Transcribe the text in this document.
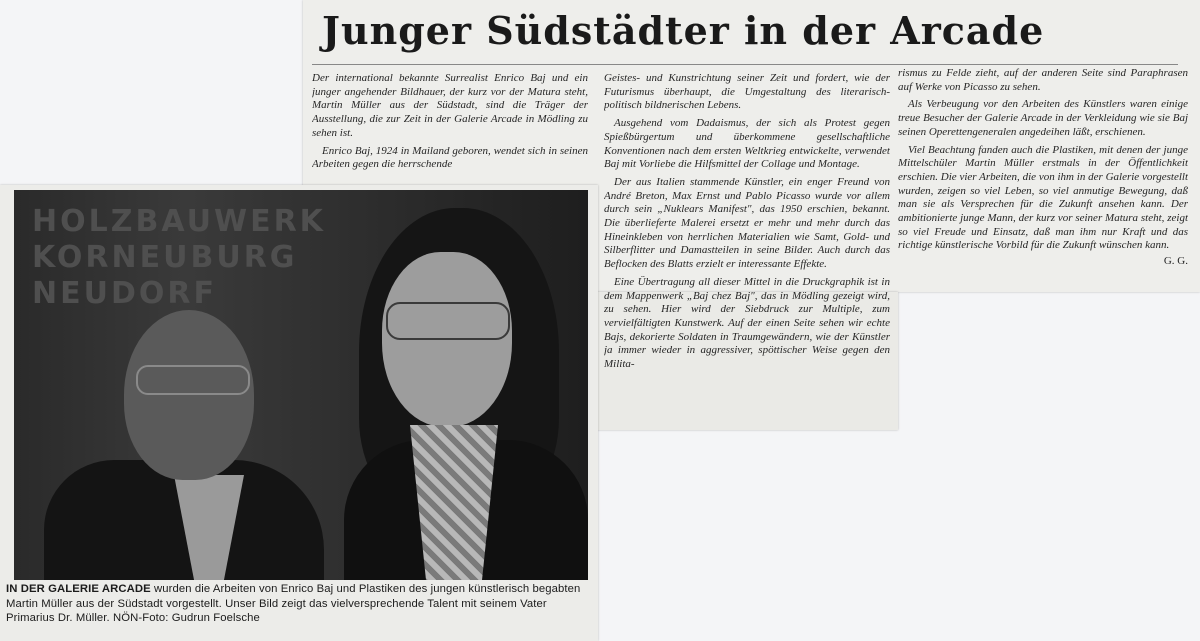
Junger Südstädter in der Arcade

Der international bekannte Surrealist Enrico Baj und ein junger angehender Bildhauer, der kurz vor der Matura steht, Martin Müller aus der Südstadt, sind die Träger der Ausstellung, die zur Zeit in der Galerie Arcade in Mödling zu sehen ist.

Enrico Baj, 1924 in Mailand geboren, wendet sich in seinen Arbeiten gegen die herrschende

Geistes- und Kunstrichtung seiner Zeit und fordert, wie der Futurismus überhaupt, die Umgestaltung des literarisch-politisch bildnerischen Lebens.

Ausgehend vom Dadaismus, der sich als Protest gegen Spießbürgertum und überkommene gesellschaftliche Konventionen nach dem ersten Weltkrieg entwickelte, verwendet Baj mit Vorliebe die Hilfsmittel der Collage und Montage.

Der aus Italien stammende Künstler, ein enger Freund von André Breton, Max Ernst und Pablo Picasso wurde vor allem durch sein „Nuklears Manifest", das 1950 erschien, bekannt. Die überlieferte Malerei ersetzt er mehr und mehr durch das Hineinkleben von herrlichen Materialien wie Samt, Gold- und Silberflitter und Damastteilen in seine Bilder. Auch durch das Beflocken des Blatts erzielt er interessante Effekte.

Eine Übertragung all dieser Mittel in die Druckgraphik ist in dem Mappenwerk „Baj chez Baj", das in Mödling gezeigt wird, zu sehen. Hier wird der Siebdruck zur Multiple, zum vervielfältigten Kunstwerk. Auf der einen Seite sehen wir echte Bajs, dekorierte Soldaten in Traumgewändern, wie der Künstler ja immer wieder in aggressiver, spöttischer Weise gegen den Milita-

rismus zu Felde zieht, auf der anderen Seite sind Paraphrasen auf Werke von Picasso zu sehen.

Als Verbeugung vor den Arbeiten des Künstlers waren einige treue Besucher der Galerie Arcade in der Verkleidung wie sie Baj seinen Operettengeneralen angedeihen läßt, erschienen.

Viel Beachtung fanden auch die Plastiken, mit denen der junge Mittelschüler Martin Müller erstmals in der Öffentlichkeit erschien. Die vier Arbeiten, die von ihm in der Galerie vorgestellt wurden, zeigen so viel Leben, so viel anmutige Bewegung, daß man sie als Versprechen für die Zukunft ansehen kann. Der ambitionierte junge Mann, der kurz vor seiner Matura steht, zeigt so viel Freude und Einsatz, daß man ihm nur Kraft und das richtige künstlerische Vorbild für die Zukunft wünschen kann.

G. G.
HOLZBAUWERK
KORNEUBURG
NEUDORF
IN DER GALERIE ARCADE wurden die Arbeiten von Enrico Baj und Plastiken des jungen künstlerisch begabten Martin Müller aus der Südstadt vorgestellt. Unser Bild zeigt das vielversprechende Talent mit seinem Vater Primarius Dr. Müller. NÖN-Foto: Gudrun Foelsche
